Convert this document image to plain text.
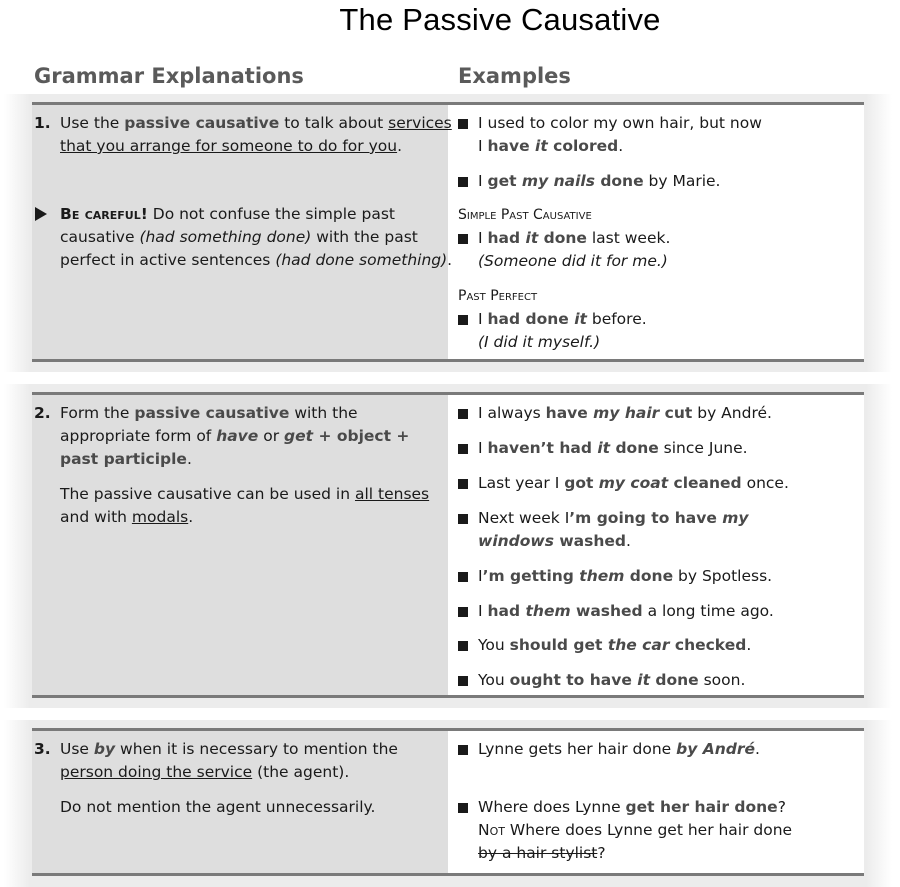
The Passive Causative
Grammar Explanations	Examples
1. Use the passive causative to talk about services
that you arrange for someone to do for you.
Be careful! Do not confuse the simple past
causative (had something done) with the past
perfect in active sentences (had done something).
I used to color my own hair, but now
I have it colored.
I get my nails done by Marie.
Simple Past Causative
I had it done last week.
(Someone did it for me.)
Past Perfect
I had done it before.
(I did it myself.)
2. Form the passive causative with the
appropriate form of have or get + object +
past participle.
The passive causative can be used in all tenses
and with modals.
I always have my hair cut by André.
I haven’t had it done since June.
Last year I got my coat cleaned once.
Next week I’m going to have my
windows washed.
I’m getting them done by Spotless.
I had them washed a long time ago.
You should get the car checked.
You ought to have it done soon.
3. Use by when it is necessary to mention the
person doing the service (the agent).
Do not mention the agent unnecessarily.
Lynne gets her hair done by André.
Where does Lynne get her hair done?
Not Where does Lynne get her hair done
by a hair stylist?
